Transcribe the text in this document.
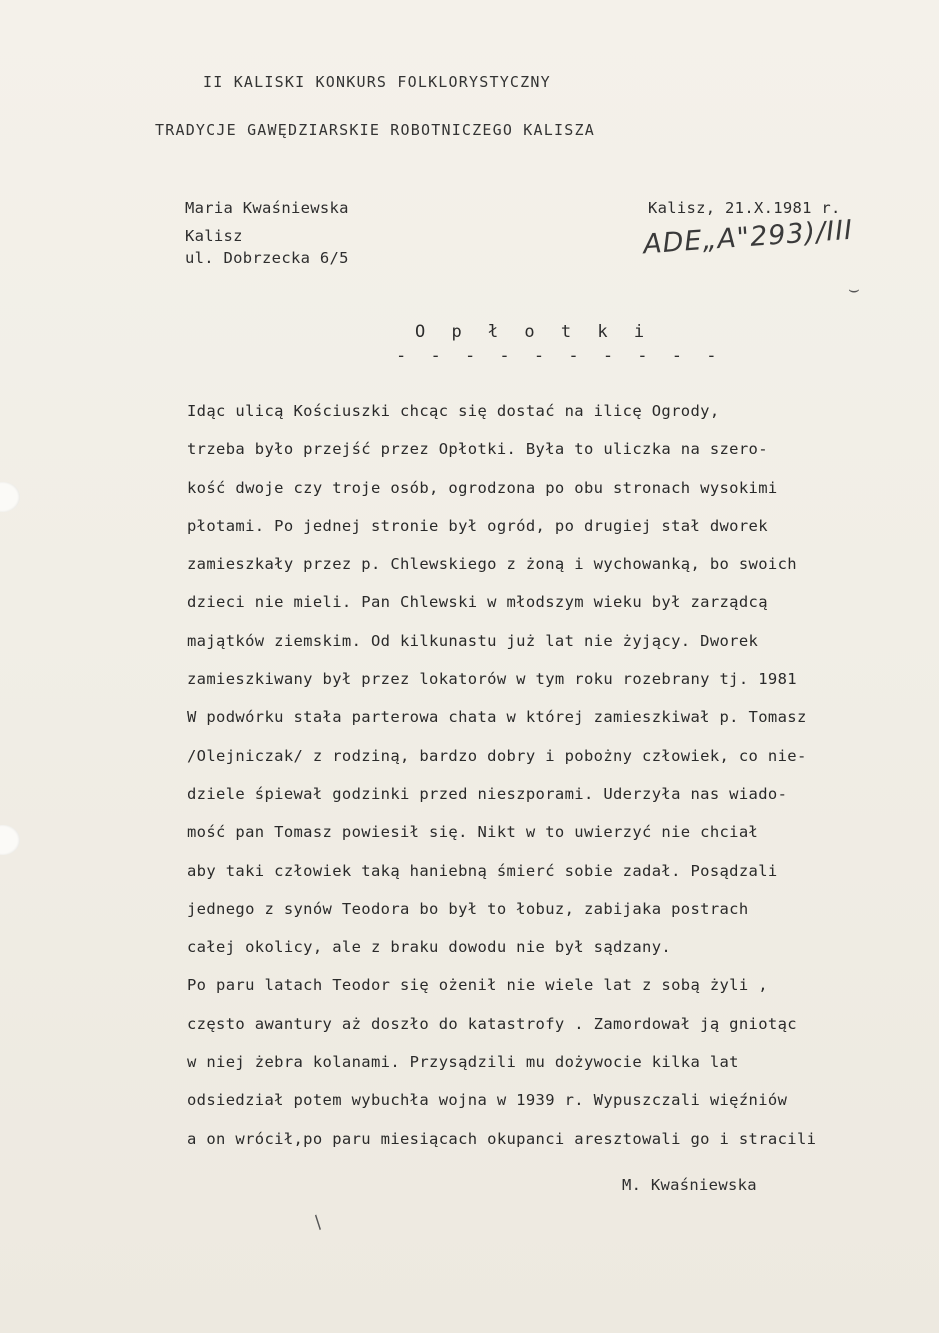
II KALISKI KONKURS FOLKLORYSTYCZNY
TRADYCJE GAWĘDZIARSKIE ROBOTNICZEGO KALISZA
Maria Kwaśniewska
Kalisz
ul. Dobrzecka 6/5
Kalisz, 21.X.1981 r.
ADE„A"293)/III
⌣
O p ł o t k i
- - - - - - - - - -
Idąc ulicą Kościuszki chcąc się dostać na ilicę Ogrody,
trzeba było przejść przez Opłotki. Była to uliczka na szero-
kość dwoje czy troje osób, ogrodzona po obu stronach wysokimi
płotami. Po jednej stronie był ogród, po drugiej stał dworek
zamieszkały przez p. Chlewskiego z żoną i wychowanką, bo swoich
dzieci nie mieli. Pan Chlewski w młodszym wieku był zarządcą
majątków ziemskim. Od kilkunastu już lat nie żyjący. Dworek
zamieszkiwany był przez lokatorów w tym roku rozebrany tj. 1981
W podwórku stała parterowa chata w której zamieszkiwał p. Tomasz
/Olejniczak/ z rodziną, bardzo dobry i pobożny człowiek, co nie-
dziele śpiewał godzinki przed nieszporami. Uderzyła nas wiado-
mość pan Tomasz powiesił się. Nikt w to uwierzyć nie chciał
aby taki człowiek taką haniebną śmierć sobie zadał. Posądzali
jednego z synów Teodora bo był to łobuz, zabijaka postrach
całej okolicy, ale z braku dowodu nie był sądzany.
Po paru latach Teodor się ożenił nie wiele lat z sobą żyli ,
często awantury aż doszło do katastrofy . Zamordował ją gniotąc
w niej żebra kolanami. Przysądzili mu dożywocie kilka lat
odsiedział potem wybuchła wojna w 1939 r. Wypuszczali więźniów
a on wrócił,po paru miesiącach okupanci aresztowali go i stracili
M. Kwaśniewska
/
